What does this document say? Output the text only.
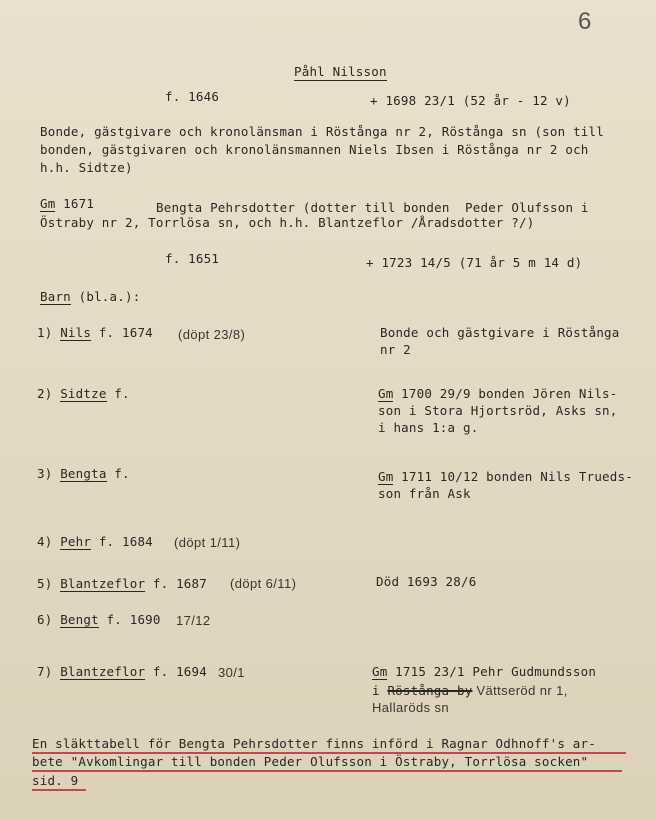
6
Påhl Nilsson
f. 1646	+ 1698 23/1 (52 år - 12 v)
Bonde, gästgivare och kronolänsman i Röstånga nr 2, Röstånga sn (son till
bonden, gästgivaren och kronolänsmannen Niels Ibsen i Röstånga nr 2 och
h.h. Sidtze)
Gm 1671	Bengta Pehrsdotter (dotter till bonden  Peder Olufsson i
Östraby nr 2, Torrlösa sn, och h.h. Blantzeflor /Åradsdotter ?/)
f. 1651	+ 1723 14/5 (71 år 5 m 14 d)
Barn (bl.a.):
1) Nils f. 1674 (döpt 23/8)	Bonde och gästgivare i Röstånga
nr 2
2) Sidtze f.	Gm 1700 29/9 bonden Jören Nils-
son i Stora Hjortsröd, Asks sn,
i hans 1:a g.
3) Bengta f.	Gm 1711 10/12 bonden Nils Trueds-
son från Ask
4) Pehr f. 1684 (döpt 1/11)
5) Blantzeflor f. 1687 (döpt 6/11)	Död 1693 28/6
6) Bengt f. 1690 17/12
7) Blantzeflor f. 1694 30/1	Gm 1715 23/1 Pehr Gudmundsson
i Röstånga by Vättseröd nr 1,
Hallaröds sn
En släkttabell för Bengta Pehrsdotter finns införd i Ragnar Odhnoff's ar-
bete "Avkomlingar till bonden Peder Olufsson i Östraby, Torrlösa socken"
sid. 9
